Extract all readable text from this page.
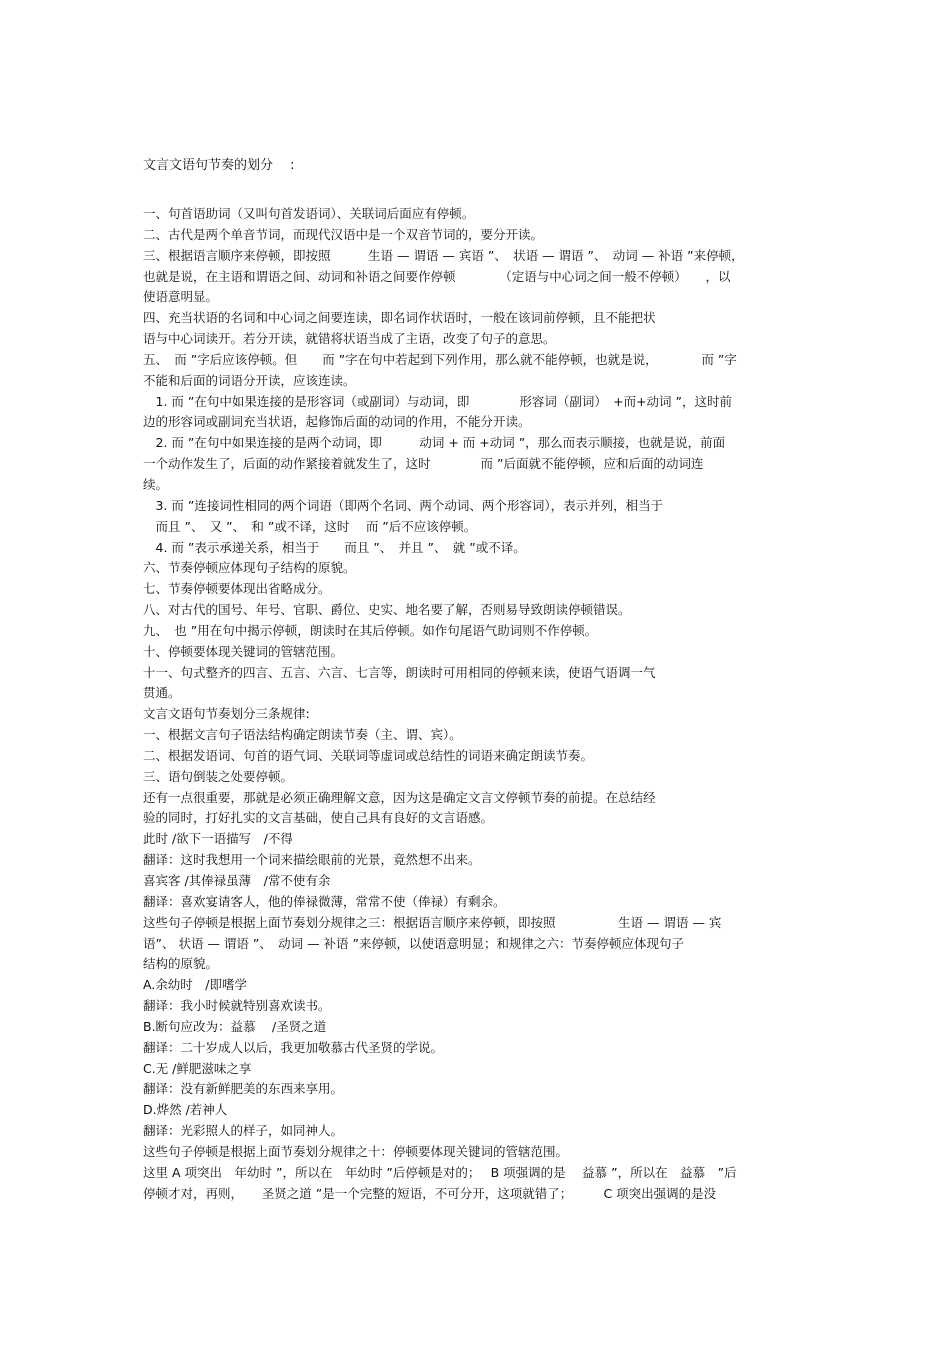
文言文语句节奏的划分　 :
一、句首语助词（又叫句首发语词）、关联词后面应有停顿。
二、古代是两个单音节词，而现代汉语中是一个双音节词的，要分开读。
三、根据语言顺序来停顿，即按照　　　生语 — 谓语 — 宾语 ”、　状语 — 谓语 ”、　动词 — 补语 ”来停顿，
也就是说，在主语和谓语之间、动词和补语之间要作停顿　　　　（定语与中心词之间一般不停顿）　　，以
使语意明显。
四、充当状语的名词和中心词之间要连读，即名词作状语时，一般在该词前停顿，且不能把状
语与中心词读开。若分开读，就错将状语当成了主语，改变了句子的意思。
五、　而 ”字后应该停顿。但　　而 ”字在句中若起到下列作用，那么就不能停顿，也就是说，　　　　而 ”字
不能和后面的词语分开读，应该连读。
　1. 而 ”在句中如果连接的是形容词（或副词）与动词，即　　　　形容词（副词）　+而+动词 ”，这时前
边的形容词或副词充当状语，起修饰后面的动词的作用，不能分开读。
　2. 而 ”在句中如果连接的是两个动词，即　　　动词 + 而 +动词 ”，那么而表示顺接，也就是说，前面
一个动作发生了，后面的动作紧接着就发生了，这时　　　　而 ”后面就不能停顿，应和后面的动词连
续。
　3. 而 ”连接词性相同的两个词语（即两个名词、两个动词、两个形容词），表示并列，相当于
　而且 ”、　又 ”、　和 ”或不译，这时　 而 ”后不应该停顿。
　4. 而 ”表示承递关系，相当于　　而且 ”、　并且 ”、　就 ”或不译。
六、节奏停顿应体现句子结构的原貌。
七、节奏停顿要体现出省略成分。
八、对古代的国号、年号、官职、爵位、史实、地名要了解，否则易导致朗读停顿错误。
九、　也 ”用在句中揭示停顿，朗读时在其后停顿。如作句尾语气助词则不作停顿。
十、停顿要体现关键词的管辖范围。
十一、句式整齐的四言、五言、六言、七言等，朗读时可用相同的停顿来读，使语气语调一气
贯通。
文言文语句节奏划分三条规律:
一、根据文言句子语法结构确定朗读节奏（主、谓、宾）。
二、根据发语词、句首的语气词、关联词等虚词或总结性的词语来确定朗读节奏。
三、语句倒装之处要停顿。
还有一点很重要，那就是必须正确理解文意，因为这是确定文言文停顿节奏的前提。在总结经
验的同时，打好扎实的文言基础，使自己具有良好的文言语感。
此时 /欲下一语描写　/不得
翻译：这时我想用一个词来描绘眼前的光景，竟然想不出来。
喜宾客 /其俸禄虽薄　/常不使有余
翻译：喜欢宴请客人，他的俸禄微薄，常常不使（俸禄）有剩余。
这些句子停顿是根据上面节奏划分规律之三：根据语言顺序来停顿，即按照　　　　　生语 — 谓语 — 宾
语”、 状语 — 谓语 ”、　动词 — 补语 ”来停顿，以使语意明显；和规律之六：节奏停顿应体现句子
结构的原貌。
A.余幼时　/即嗜学
翻译：我小时候就特别喜欢读书。
B.断句应改为：益慕　 /圣贤之道
翻译：二十岁成人以后，我更加敬慕古代圣贤的学说。
C.无 /鲜肥滋味之享
翻译：没有新鲜肥美的东西来享用。
D.烨然 /若神人
翻译：光彩照人的样子，如同神人。
这些句子停顿是根据上面节奏划分规律之十：停顿要体现关键词的管辖范围。
这里 A 项突出　年幼时 ”，所以在　年幼时 ”后停顿是对的；　 B 项强调的是　 益慕 ”，所以在　益慕　”后
停顿才对，再则，　　圣贤之道 ”是一个完整的短语，不可分开，这项就错了；　　　C 项突出强调的是没
